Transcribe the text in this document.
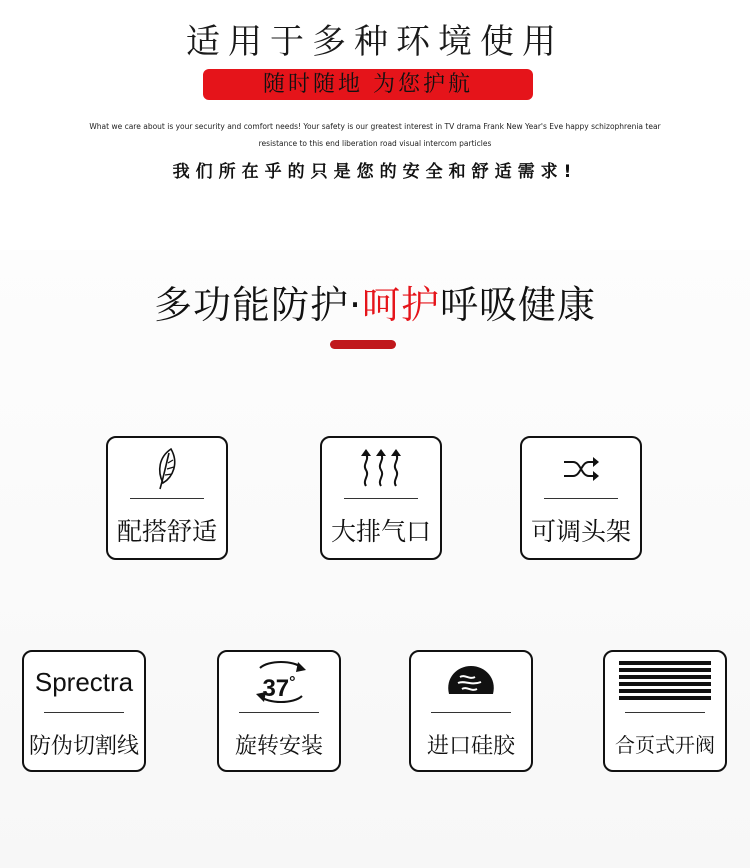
适用于多种环境使用
随时随地 为您护航
What we care about is your security and comfort needs! Your safety is our greatest interest in TV drama Frank New Year's Eve happy schizophrenia tear
resistance to this end liberation road visual intercom particles
我们所在乎的只是您的安全和舒适需求!
多功能防护·呵护呼吸健康
配搭舒适	大排气口	可调头架
Sprectra
防伪切割线
37°
旋转安装	进口硅胶	合页式开阀
